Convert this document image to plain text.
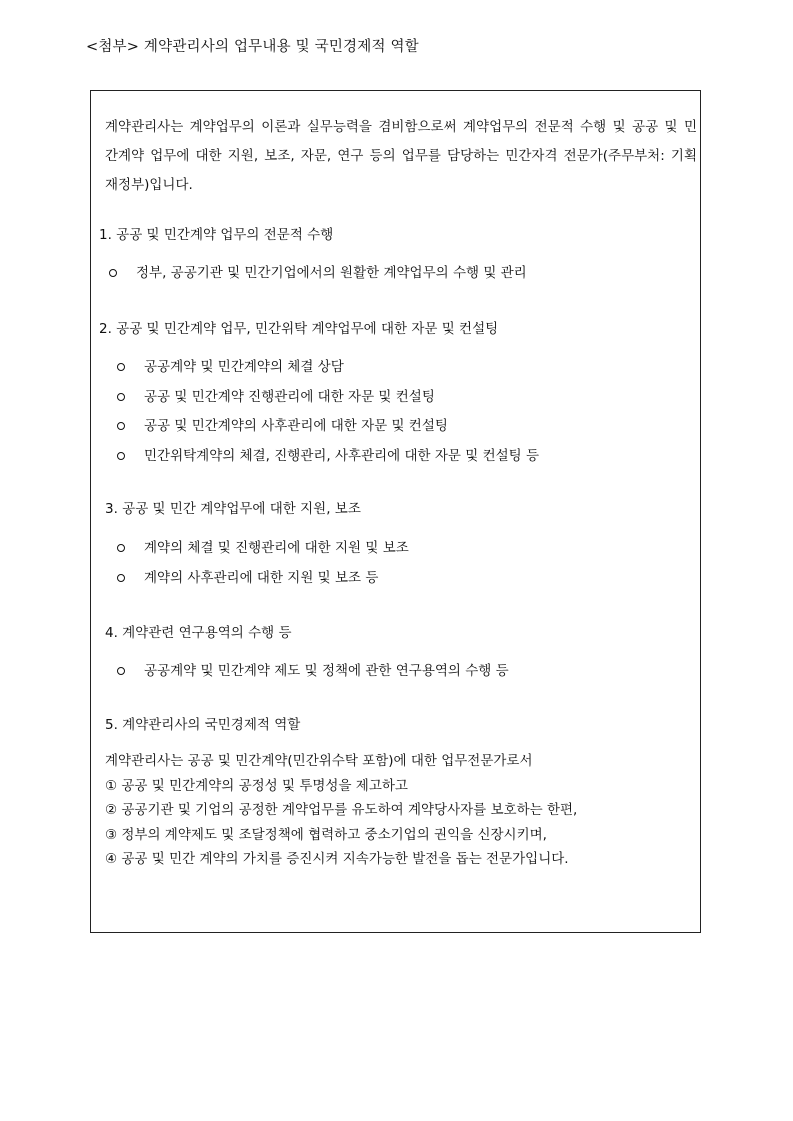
<첨부> 계약관리사의 업무내용 및 국민경제적 역할

계약관리사는 계약업무의 이론과 실무능력을 겸비함으로써 계약업무의 전문적 수행 및 공공 및 민간계약 업무에 대한 지원, 보조, 자문, 연구 등의 업무를 담당하는 민간자격 전문가(주무부처: 기획재정부)입니다.

1. 공공 및 민간계약 업무의 전문적 수행
정부, 공공기관 및 민간기업에서의 원활한 계약업무의 수행 및 관리
2. 공공 및 민간계약 업무, 민간위탁 계약업무에 대한 자문 및 컨설팅
공공계약 및 민간계약의 체결 상담
공공 및 민간계약 진행관리에 대한 자문 및 컨설팅
공공 및 민간계약의 사후관리에 대한 자문 및 컨설팅
민간위탁계약의 체결, 진행관리, 사후관리에 대한 자문 및 컨설팅 등
3. 공공 및 민간 계약업무에 대한 지원, 보조
계약의 체결 및 진행관리에 대한 지원 및 보조
계약의 사후관리에 대한 지원 및 보조 등
4. 계약관련 연구용역의 수행 등
공공계약 및 민간계약 제도 및 정책에 관한 연구용역의 수행 등
5. 계약관리사의 국민경제적 역할
계약관리사는 공공 및 민간계약(민간위수탁 포함)에 대한 업무전문가로서
① 공공 및 민간계약의 공정성 및 투명성을 제고하고
② 공공기관 및 기업의 공정한 계약업무를 유도하여 계약당사자를 보호하는 한편,
③ 정부의 계약제도 및 조달정책에 협력하고 중소기업의 권익을 신장시키며,
④ 공공 및 민간 계약의 가치를 증진시켜 지속가능한 발전을 돕는 전문가입니다.
